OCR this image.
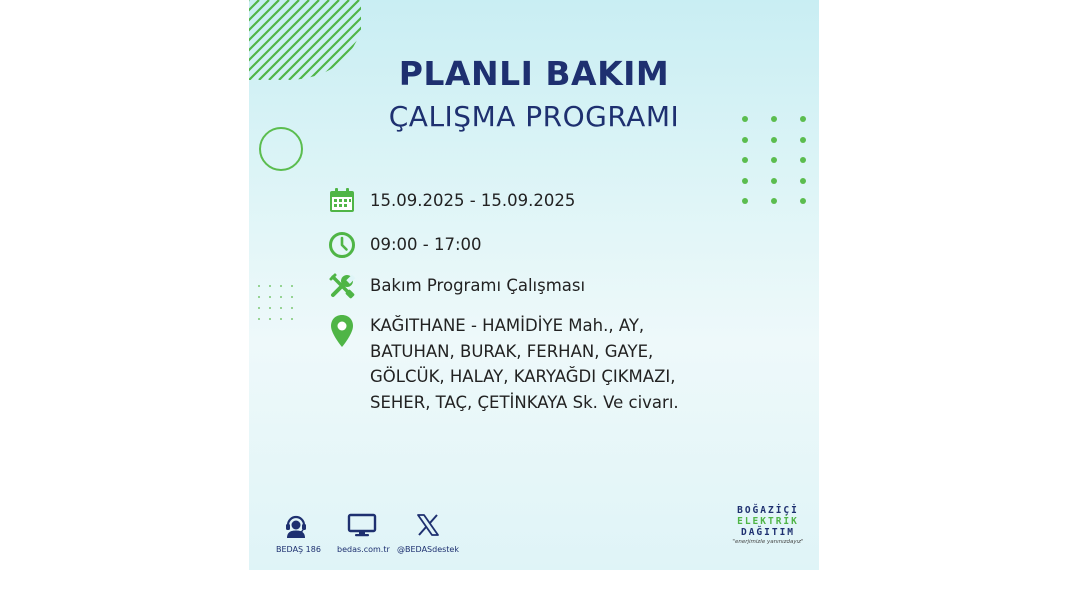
PLANLI BAKIM
ÇALIŞMA PROGRAMI
15.09.2025 - 15.09.2025
09:00 - 17:00
Bakım Programı Çalışması
KAĞITHANE - HAMİDİYE Mah., AY,
BATUHAN, BURAK, FERHAN, GAYE,
GÖLCÜK, HALAY, KARYAĞDI ÇIKMAZI,
SEHER, TAÇ, ÇETİNKAYA Sk. Ve civarı.
BEDAŞ 186 bedas.com.tr @BEDASdestek
BOĞAZİÇİ
ELEKTRİK
DAĞITIM
"enerjimizle yanınızdayız"
